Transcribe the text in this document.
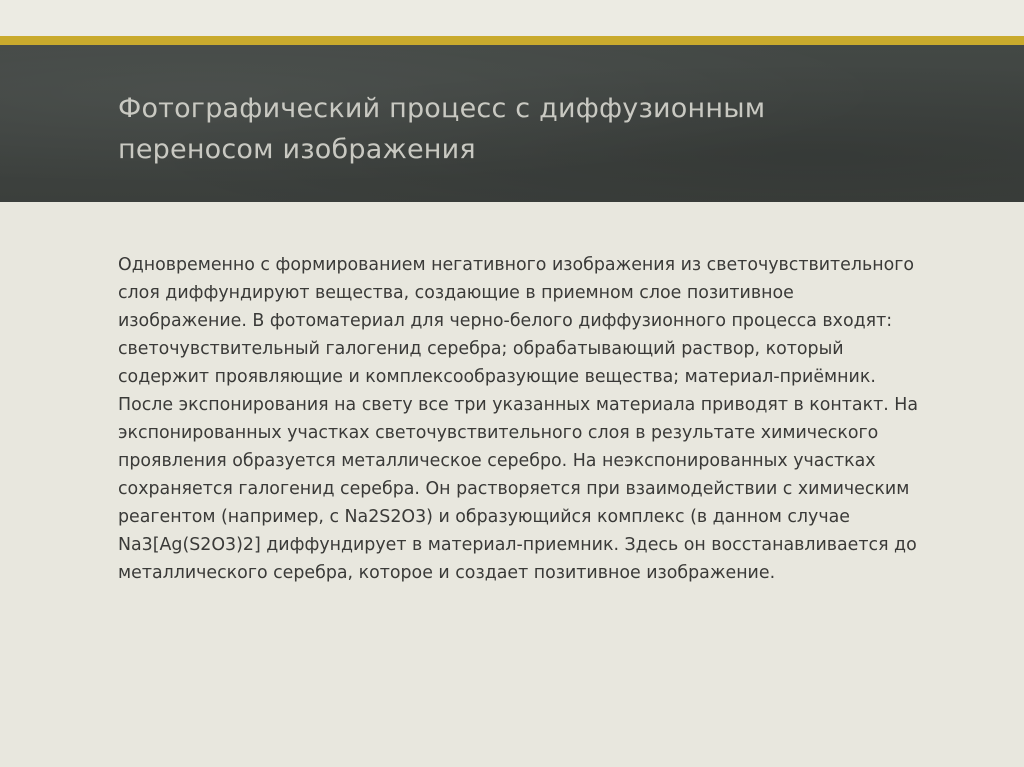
Фотографический процесс с диффузионным переносом изображения

Одновременно с формированием негативного изображения из светочувствительного слоя диффундируют вещества, создающие в приемном слое позитивное изображение. В фотоматериал для черно-белого диффузионного процесса входят: светочувствительный галогенид серебра; обрабатывающий раствор, который содержит проявляющие и комплексообразующие вещества; материал-приёмник. После экспонирования на свету все три указанных материала приводят в контакт. На экспонированных участках светочувствительного слоя в результате химического проявления образуется металлическое серебро. На неэкспонированных участках сохраняется галогенид серебра. Он растворяется при взаимодействии с химическим реагентом (например, с Na2S2O3) и образующийся комплекс (в данном случае Na3[Ag(S2O3)2] диффундирует в материал-приемник. Здесь он восстанавливается до металлического серебра, которое и создает позитивное изображение.
